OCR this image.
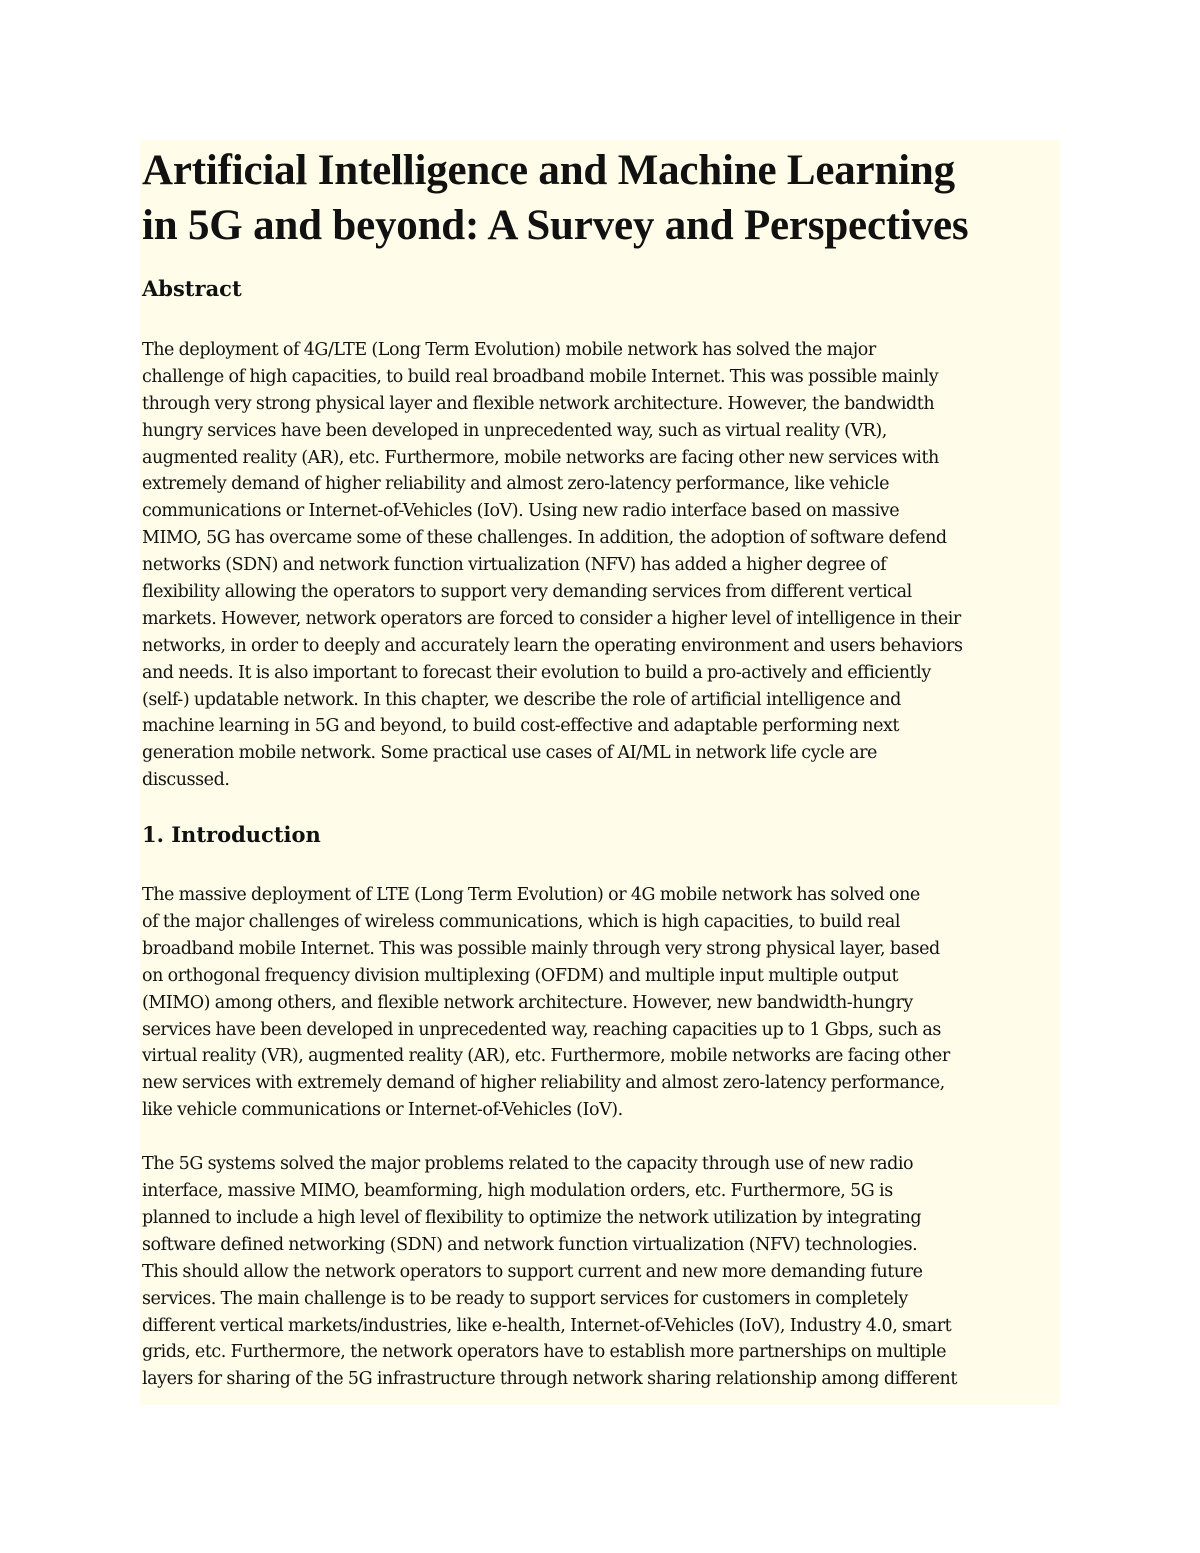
Artificial Intelligence and Machine Learning
in 5G and beyond: A Survey and Perspectives
Abstract

The deployment of 4G/LTE (Long Term Evolution) mobile network has solved the major
challenge of high capacities, to build real broadband mobile Internet. This was possible mainly
through very strong physical layer and flexible network architecture. However, the bandwidth
hungry services have been developed in unprecedented way, such as virtual reality (VR),
augmented reality (AR), etc. Furthermore, mobile networks are facing other new services with
extremely demand of higher reliability and almost zero-latency performance, like vehicle
communications or Internet-of-Vehicles (IoV). Using new radio interface based on massive
MIMO, 5G has overcame some of these challenges. In addition, the adoption of software defend
networks (SDN) and network function virtualization (NFV) has added a higher degree of
flexibility allowing the operators to support very demanding services from different vertical
markets. However, network operators are forced to consider a higher level of intelligence in their
networks, in order to deeply and accurately learn the operating environment and users behaviors
and needs. It is also important to forecast their evolution to build a pro-actively and efficiently
(self-) updatable network. In this chapter, we describe the role of artificial intelligence and
machine learning in 5G and beyond, to build cost-effective and adaptable performing next
generation mobile network. Some practical use cases of AI/ML in network life cycle are
discussed.

1. Introduction

The massive deployment of LTE (Long Term Evolution) or 4G mobile network has solved one
of the major challenges of wireless communications, which is high capacities, to build real
broadband mobile Internet. This was possible mainly through very strong physical layer, based
on orthogonal frequency division multiplexing (OFDM) and multiple input multiple output
(MIMO) among others, and flexible network architecture. However, new bandwidth-hungry
services have been developed in unprecedented way, reaching capacities up to 1 Gbps, such as
virtual reality (VR), augmented reality (AR), etc. Furthermore, mobile networks are facing other
new services with extremely demand of higher reliability and almost zero-latency performance,
like vehicle communications or Internet-of-Vehicles (IoV).

The 5G systems solved the major problems related to the capacity through use of new radio
interface, massive MIMO, beamforming, high modulation orders, etc. Furthermore, 5G is
planned to include a high level of flexibility to optimize the network utilization by integrating
software defined networking (SDN) and network function virtualization (NFV) technologies.
This should allow the network operators to support current and new more demanding future
services. The main challenge is to be ready to support services for customers in completely
different vertical markets/industries, like e-health, Internet-of-Vehicles (IoV), Industry 4.0, smart
grids, etc. Furthermore, the network operators have to establish more partnerships on multiple
layers for sharing of the 5G infrastructure through network sharing relationship among different
